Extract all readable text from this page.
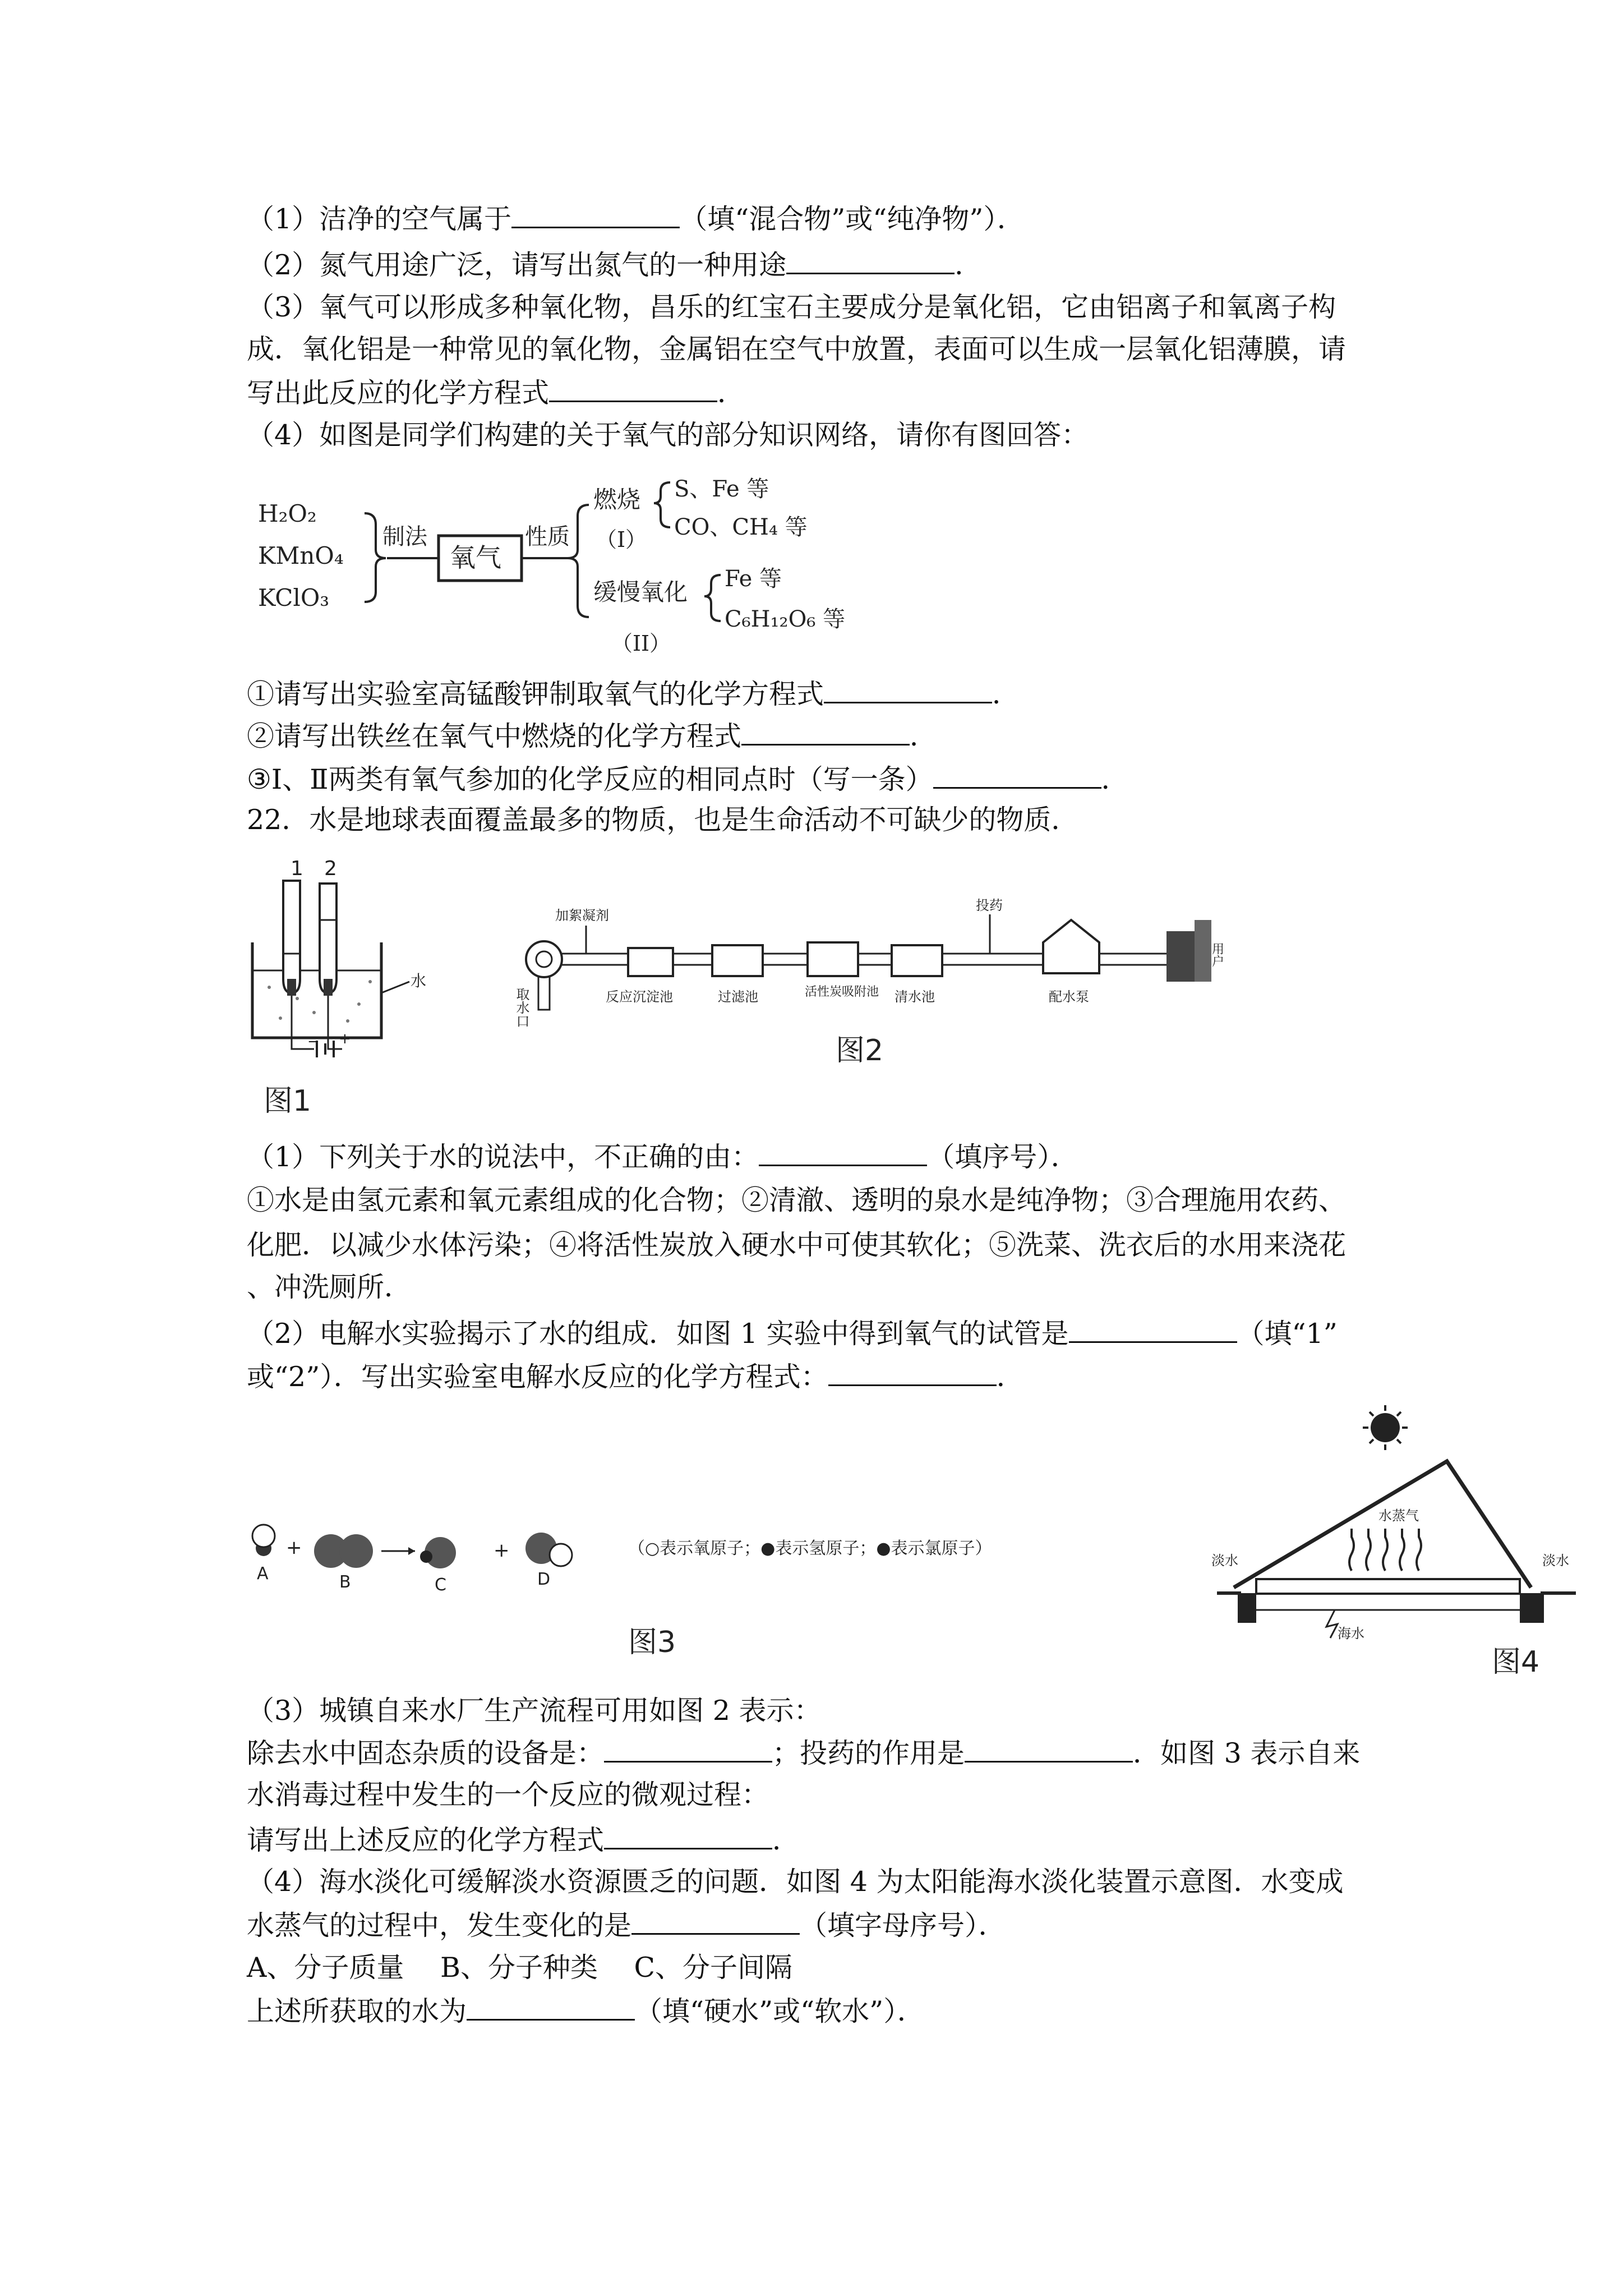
（1）洁净的空气属于	（填“混合物”或“纯净物”）．
（2）氮气用途广泛，请写出氮气的一种用途	．
（3）氧气可以形成多种氧化物，昌乐的红宝石主要成分是氧化铝，它由铝离子和氧离子构
成．氧化铝是一种常见的氧化物，金属铝在空气中放置，表面可以生成一层氧化铝薄膜，请
写出此反应的化学方程式	．
（4）如图是同学们构建的关于氧气的部分知识网络，请你有图回答：
H₂O₂
KMnO₄
KClO₃
制法
氧气
性质
燃烧 S、Fe 等
CO、CH₄ 等
（I）
缓慢氧化 Fe 等
C₆H₁₂O₆ 等
（II）
①请写出实验室高锰酸钾制取氧气的化学方程式	．
②请写出铁丝在氧气中燃烧的化学方程式	．
③Ⅰ、Ⅱ两类有氧气参加的化学反应的相同点时（写一条）	．
22．水是地球表面覆盖最多的物质，也是生命活动不可缺少的物质．
1 2
− +
水
图1
取水口
加絮凝剂
反应沉淀池	过滤池	活性炭吸附池 清水池
投药
配水泵
用户
图2
（1）下列关于水的说法中，不正确的由：	（填序号）．
①水是由氢元素和氧元素组成的化合物；②清澈、透明的泉水是纯净物；③合理施用农药、
化肥．以减少水体污染；④将活性炭放入硬水中可使其软化；⑤洗菜、洗衣后的水用来浇花
、冲洗厕所．
（2）电解水实验揭示了水的组成．如图 1 实验中得到氧气的试管是	（填“1”
或“2”）．写出实验室电解水反应的化学方程式：	．
A
+
B	C
+
D
（○表示氧原子；●表示氢原子；●表示氯原子）
图3
水蒸气
淡水	淡水
海水
图4
（3）城镇自来水厂生产流程可用如图 2 表示：
除去水中固态杂质的设备是：	；投药的作用是	．如图 3 表示自来
水消毒过程中发生的一个反应的微观过程：
请写出上述反应的化学方程式	．
（4）海水淡化可缓解淡水资源匮乏的问题．如图 4 为太阳能海水淡化装置示意图．水变成
水蒸气的过程中，发生变化的是	（填字母序号）．
A、分子质量　 B、分子种类　 C、分子间隔
上述所获取的水为	（填“硬水”或“软水”）．
